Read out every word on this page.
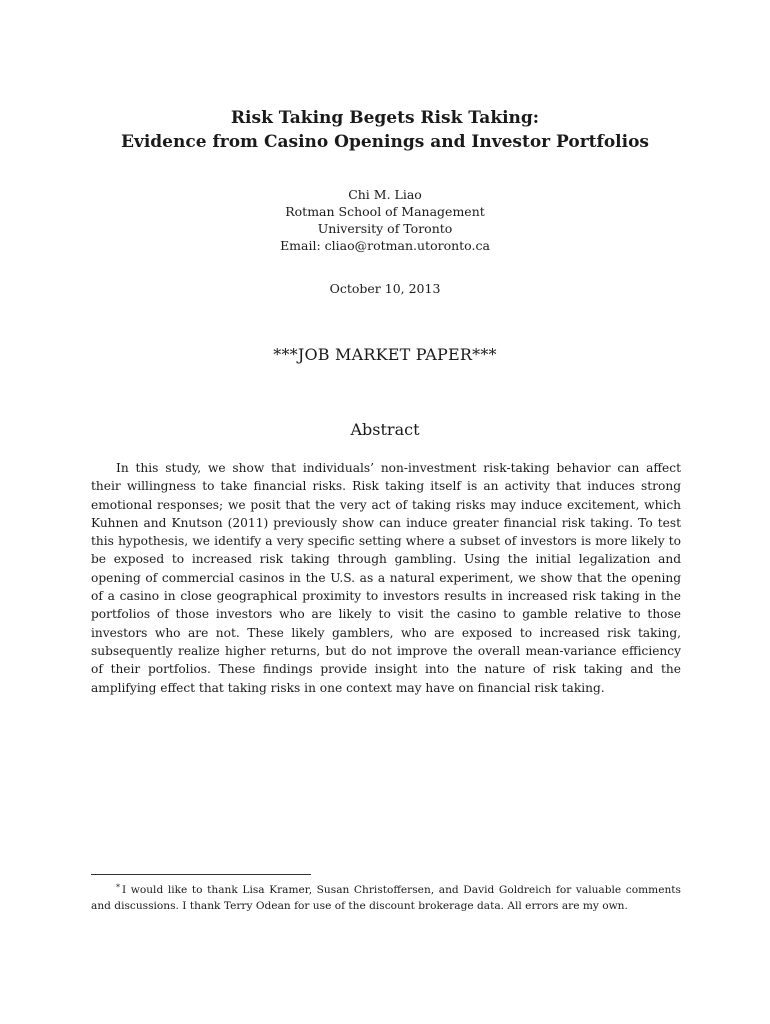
Risk Taking Begets Risk Taking:
Evidence from Casino Openings and Investor Portfolios
Chi M. Liao
Rotman School of Management
University of Toronto
Email: cliao@rotman.utoronto.ca
October 10, 2013
***JOB MARKET PAPER***
Abstract

In this study, we show that individuals’ non-investment risk-taking behavior can affect their willingness to take financial risks. Risk taking itself is an activity that induces strong emotional responses; we posit that the very act of taking risks may induce excitement, which Kuhnen and Knutson (2011) previously show can induce greater financial risk taking. To test this hypothesis, we identify a very specific setting where a subset of investors is more likely to be exposed to increased risk taking through gambling. Using the initial legalization and opening of commercial casinos in the U.S. as a natural experiment, we show that the opening of a casino in close geographical proximity to investors results in increased risk taking in the portfolios of those investors who are likely to visit the casino to gamble relative to those investors who are not. These likely gamblers, who are exposed to increased risk taking, subsequently realize higher returns, but do not improve the overall mean-variance efficiency of their portfolios. These findings provide insight into the nature of risk taking and the amplifying effect that taking risks in one context may have on financial risk taking.

* I would like to thank Lisa Kramer, Susan Christoffersen, and David Goldreich for valuable comments and discussions. I thank Terry Odean for use of the discount brokerage data. All errors are my own.
